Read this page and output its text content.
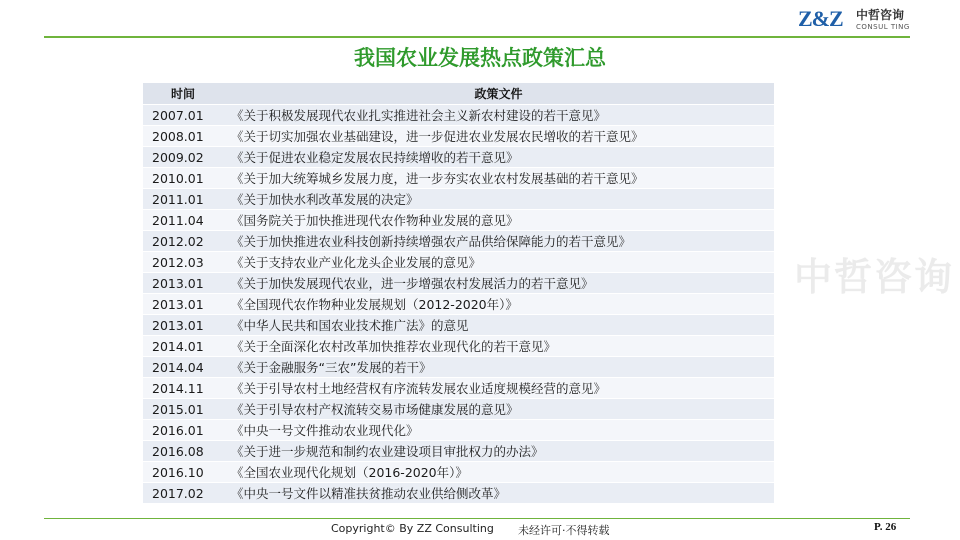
Z&Z 中哲咨询
CONSUL TING
我国农业发展热点政策汇总
中哲咨询
时间	政策文件
2007.01	《关于积极发展现代农业扎实推进社会主义新农村建设的若干意见》
2008.01	《关于切实加强农业基础建设，进一步促进农业发展农民增收的若干意见》
2009.02	《关于促进农业稳定发展农民持续增收的若干意见》
2010.01	《关于加大统筹城乡发展力度，进一步夯实农业农村发展基础的若干意见》
2011.01	《关于加快水利改革发展的决定》
2011.04	《国务院关于加快推进现代农作物种业发展的意见》
2012.02	《关于加快推进农业科技创新持续增强农产品供给保障能力的若干意见》
2012.03	《关于支持农业产业化龙头企业发展的意见》
2013.01	《关于加快发展现代农业，进一步增强农村发展活力的若干意见》
2013.01	《全国现代农作物种业发展规划（2012-2020年）》
2013.01	《中华人民共和国农业技术推广法》的意见
2014.01	《关于全面深化农村改革加快推荐农业现代化的若干意见》
2014.04	《关于金融服务“三农”发展的若干》
2014.11	《关于引导农村土地经营权有序流转发展农业适度规模经营的意见》
2015.01	《关于引导农村产权流转交易市场健康发展的意见》
2016.01	《中央一号文件推动农业现代化》
2016.08	《关于进一步规范和制约农业建设项目审批权力的办法》
2016.10	《全国农业现代化规划（2016-2020年）》
2017.02	《中央一号文件以精准扶贫推动农业供给侧改革》
Copyright© By ZZ Consulting 未经许可·不得转载	P. 26
